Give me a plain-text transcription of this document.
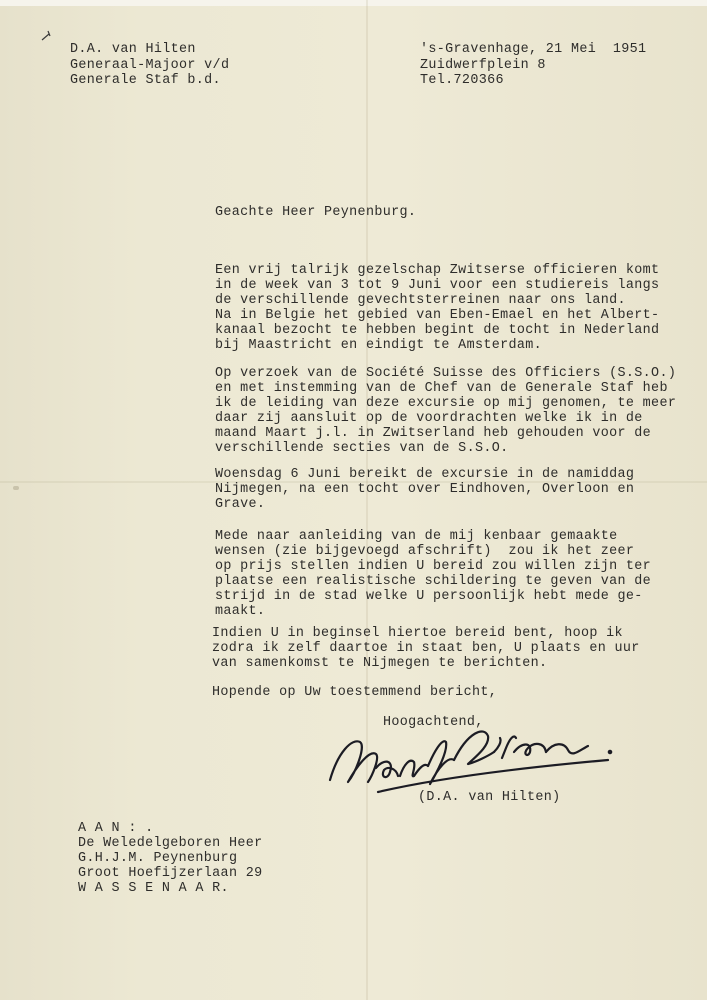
D.A. van Hilten
Generaal-Majoor v/d
Generale Staf b.d.
's-Gravenhage, 21 Mei  1951
Zuidwerfplein 8
Tel.720366
Geachte Heer Peynenburg.
Een vrij talrijk gezelschap Zwitserse officieren komt
in de week van 3 tot 9 Juni voor een studiereis langs
de verschillende gevechtsterreinen naar ons land.
Na in Belgie het gebied van Eben-Emael en het Albert-
kanaal bezocht te hebben begint de tocht in Nederland
bij Maastricht en eindigt te Amsterdam.
Op verzoek van de Société Suisse des Officiers (S.S.O.)
en met instemming van de Chef van de Generale Staf heb
ik de leiding van deze excursie op mij genomen, te meer
daar zij aansluit op de voordrachten welke ik in de
maand Maart j.l. in Zwitserland heb gehouden voor de
verschillende secties van de S.S.O.
Woensdag 6 Juni bereikt de excursie in de namiddag
Nijmegen, na een tocht over Eindhoven, Overloon en
Grave.
Mede naar aanleiding van de mij kenbaar gemaakte
wensen (zie bijgevoegd afschrift)  zou ik het zeer
op prijs stellen indien U bereid zou willen zijn ter
plaatse een realistische schildering te geven van de
strijd in de stad welke U persoonlijk hebt mede ge-
maakt.
Indien U in beginsel hiertoe bereid bent, hoop ik
zodra ik zelf daartoe in staat ben, U plaats en uur
van samenkomst te Nijmegen te berichten.
Hopende op Uw toestemmend bericht,
Hoogachtend,
(D.A. van Hilten)
A A N : .
De Weledelgeboren Heer
G.H.J.M. Peynenburg
Groot Hoefijzerlaan 29
W A S S E N A A R.
